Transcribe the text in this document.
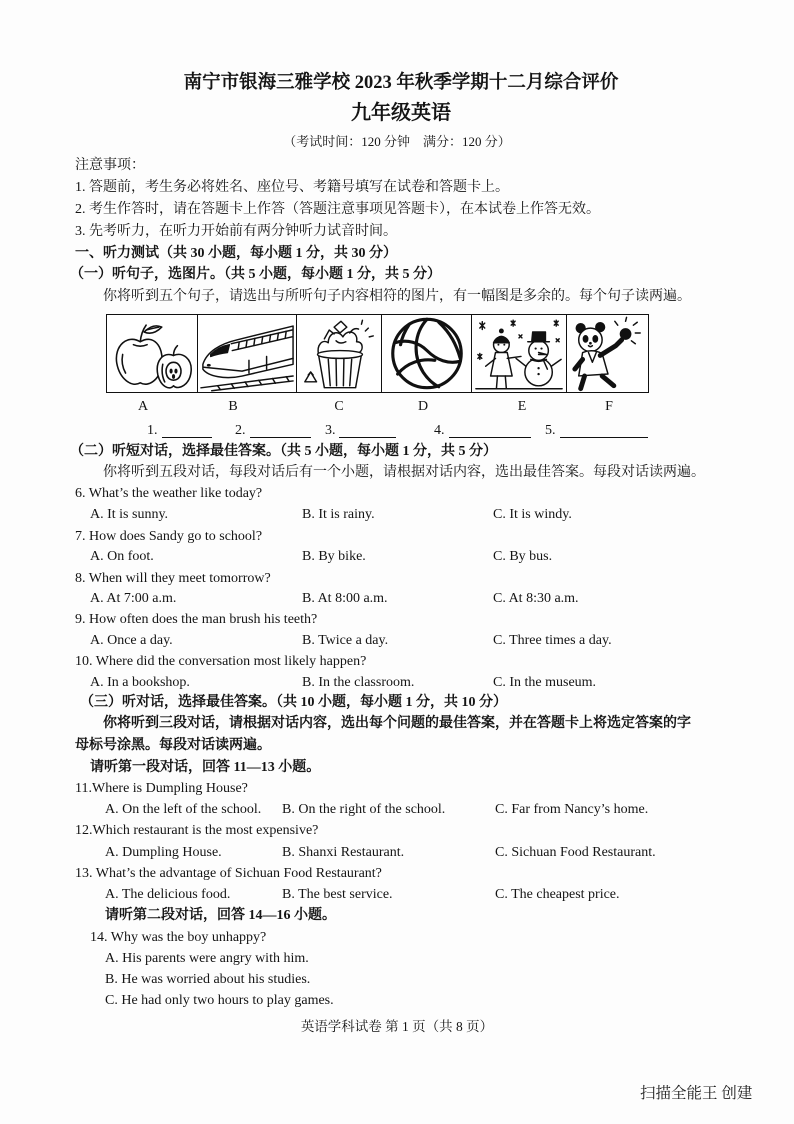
南宁市银海三雅学校 2023 年秋季学期十二月综合评价
九年级英语
（考试时间：120 分钟　满分：120 分）
注意事项：
1. 答题前，考生务必将姓名、座位号、考籍号填写在试卷和答题卡上。
2. 考生作答时，请在答题卡上作答（答题注意事项见答题卡），在本试卷上作答无效。
3. 先考听力，在听力开始前有两分钟听力试音时间。
一、听力测试（共 30 小题，每小题 1 分，共 30 分）
（一）听句子，选图片。（共 5 小题，每小题 1 分，共 5 分）
你将听到五个句子，请选出与所听句子内容相符的图片，有一幅图是多余的。每个句子读两遍。
A	B	C	D	E	F
1.	2.	3.	4.	5.
（二）听短对话，选择最佳答案。（共 5 小题，每小题 1 分，共 5 分）
你将听到五段对话，每段对话后有一个小题，请根据对话内容，选出最佳答案。每段对话读两遍。
6. What’s the weather like today?
A. It is sunny.	B. It is rainy.	C. It is windy.
7. How does Sandy go to school?
A. On foot.	B. By bike.	C. By bus.
8. When will they meet tomorrow?
A. At 7:00 a.m.	B. At 8:00 a.m.	C. At 8:30 a.m.
9. How often does the man brush his teeth?
A. Once a day.	B. Twice a day.	C. Three times a day.
10. Where did the conversation most likely happen?
A. In a bookshop.	B. In the classroom.	C. In the museum.
（三）听对话，选择最佳答案。（共 10 小题，每小题 1 分，共 10 分）
你将听到三段对话，请根据对话内容，选出每个问题的最佳答案，并在答题卡上将选定答案的字
母标号涂黑。每段对话读两遍。
请听第一段对话，回答 11—13 小题。
11.Where is Dumpling House?
A. On the left of the school. B. On the right of the school.	C. Far from Nancy’s home.
12.Which restaurant is the most expensive?
A. Dumpling House.	B. Shanxi Restaurant.	C. Sichuan Food Restaurant.
13. What’s the advantage of Sichuan Food Restaurant?
A. The delicious food.	B. The best service.	C. The cheapest price.
请听第二段对话，回答 14—16 小题。
14. Why was the boy unhappy?
A. His parents were angry with him.
B. He was worried about his studies.
C. He had only two hours to play games.
英语学科试卷 第 1 页（共 8 页）
扫描全能王 创建
